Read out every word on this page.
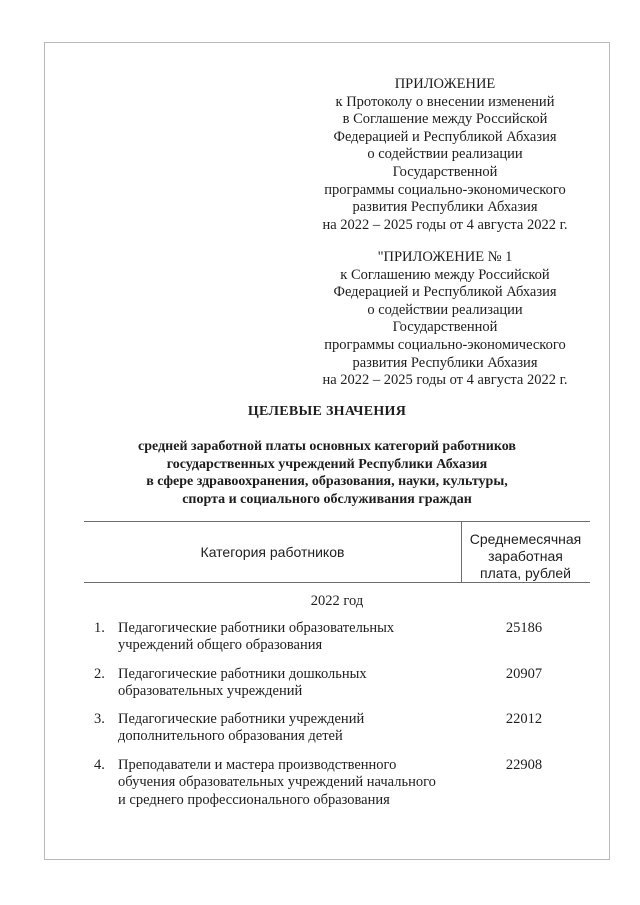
ПРИЛОЖЕНИЕ
к Протоколу о внесении изменений
в Соглашение между Российской
Федерацией и Республикой Абхазия
о содействии реализации
Государственной
программы социально-экономического
развития Республики Абхазия
на 2022 – 2025 годы от 4 августа 2022 г.
"ПРИЛОЖЕНИЕ № 1
к Соглашению между Российской
Федерацией и Республикой Абхазия
о содействии реализации
Государственной
программы социально-экономического
развития Республики Абхазия
на 2022 – 2025 годы от 4 августа 2022 г.
ЦЕЛЕВЫЕ ЗНАЧЕНИЯ
средней заработной платы основных категорий работников
государственных учреждений Республики Абхазия
в сфере здравоохранения, образования, науки, культуры,
спорта и социального обслуживания граждан
Категория работников
Среднемесячная
заработная
плата, рублей
2022 год
1. Педагогические работники образовательных
учреждений общего образования
25186
2. Педагогические работники дошкольных
образовательных учреждений
20907
3. Педагогические работники учреждений
дополнительного образования детей
22012
4. Преподаватели и мастера производственного
обучения образовательных учреждений начального
и среднего профессионального образования
22908
